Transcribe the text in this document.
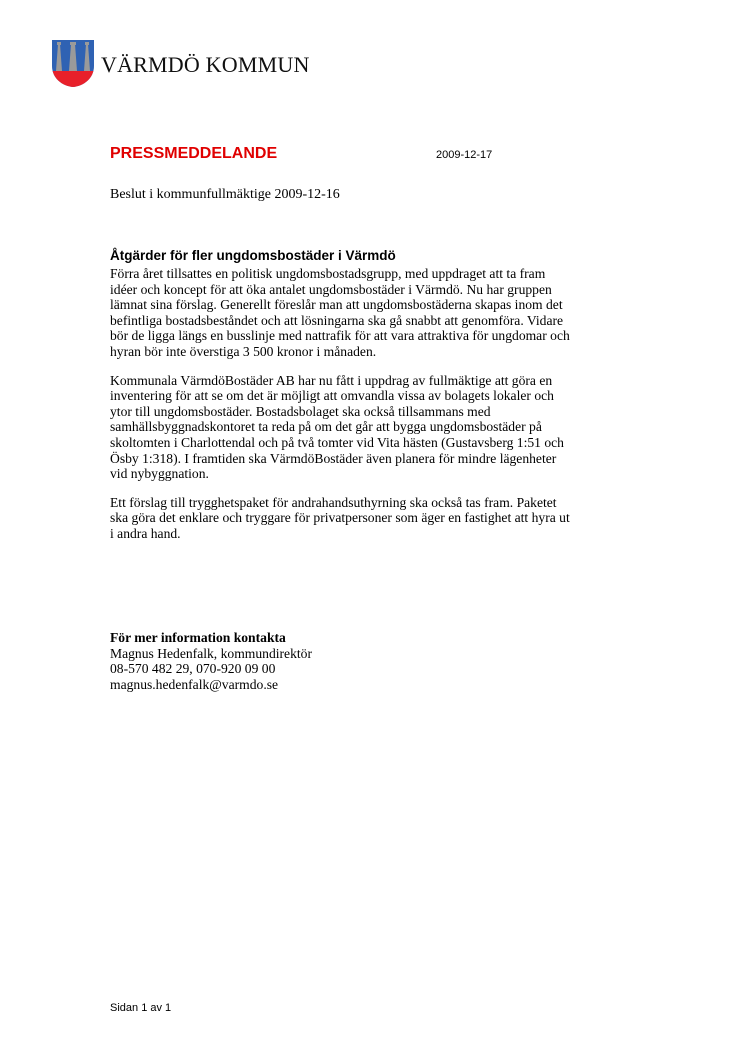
VÄRMDÖ KOMMUN
PRESSMEDDELANDE	2009-12-17
Beslut i kommunfullmäktige 2009-12-16
Åtgärder för fler ungdomsbostäder i Värmdö

Förra året tillsattes en politisk ungdomsbostadsgrupp, med uppdraget att ta fram
idéer och koncept för att öka antalet ungdomsbostäder i Värmdö. Nu har gruppen
lämnat sina förslag. Generellt föreslår man att ungdomsbostäderna skapas inom det
befintliga bostadsbeståndet och att lösningarna ska gå snabbt att genomföra. Vidare
bör de ligga längs en busslinje med nattrafik för att vara attraktiva för ungdomar och
hyran bör inte överstiga 3 500 kronor i månaden.

Kommunala VärmdöBostäder AB har nu fått i uppdrag av fullmäktige att göra en
inventering för att se om det är möjligt att omvandla vissa av bolagets lokaler och
ytor till ungdomsbostäder. Bostadsbolaget ska också tillsammans med
samhällsbyggnadskontoret ta reda på om det går att bygga ungdomsbostäder på
skoltomten i Charlottendal och på två tomter vid Vita hästen (Gustavsberg 1:51 och
Ösby 1:318). I framtiden ska VärmdöBostäder även planera för mindre lägenheter
vid nybyggnation.

Ett förslag till trygghetspaket för andrahandsuthyrning ska också tas fram. Paketet
ska göra det enklare och tryggare för privatpersoner som äger en fastighet att hyra ut
i andra hand.

För mer information kontakta
Magnus Hedenfalk, kommundirektör
08-570 482 29, 070-920 09 00
magnus.hedenfalk@varmdo.se
Sidan 1 av 1
